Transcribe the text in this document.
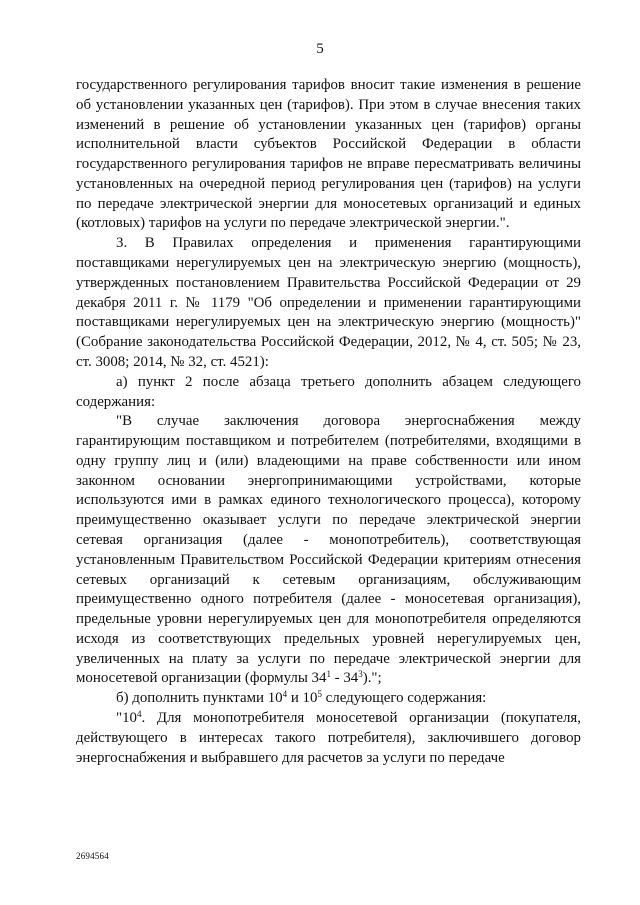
5

государственного регулирования тарифов вносит такие изменения в решение об установлении указанных цен (тарифов). При этом в случае внесения таких изменений в решение об установлении указанных цен (тарифов) органы исполнительной власти субъектов Российской Федерации в области государственного регулирования тарифов не вправе пересматривать величины установленных на очередной период регулирования цен (тарифов) на услуги по передаче электрической энергии для моносетевых организаций и единых (котловых) тарифов на услуги по передаче электрической энергии.".

3. В Правилах определения и применения гарантирующими поставщиками нерегулируемых цен на электрическую энергию (мощность), утвержденных постановлением Правительства Российской Федерации от 29 декабря 2011 г. № 1179 "Об определении и применении гарантирующими поставщиками нерегулируемых цен на электрическую энергию (мощность)" (Собрание законодательства Российской Федерации, 2012, № 4, ст. 505; № 23, ст. 3008; 2014, № 32, ст. 4521):

а) пункт 2 после абзаца третьего дополнить абзацем следующего содержания:

"В случае заключения договора энергоснабжения между гарантирующим поставщиком и потребителем (потребителями, входящими в одну группу лиц и (или) владеющими на праве собственности или ином законном основании энергопринимающими устройствами, которые используются ими в рамках единого технологического процесса), которому преимущественно оказывает услуги по передаче электрической энергии сетевая организация (далее - монопотребитель), соответствующая установленным Правительством Российской Федерации критериям отнесения сетевых организаций к сетевым организациям, обслуживающим преимущественно одного потребителя (далее - моносетевая организация), предельные уровни нерегулируемых цен для монопотребителя определяются исходя из соответствующих предельных уровней нерегулируемых цен, увеличенных на плату за услуги по передаче электрической энергии для моносетевой организации (формулы $34^1 - 34^3$).";

б) дополнить пунктами $10^4$ и $10^5$ следующего содержания:

"$10^4$. Для монопотребителя моносетевой организации (покупателя, действующего в интересах такого потребителя), заключившего договор энергоснабжения и выбравшего для расчетов за услуги по передаче

2694564
